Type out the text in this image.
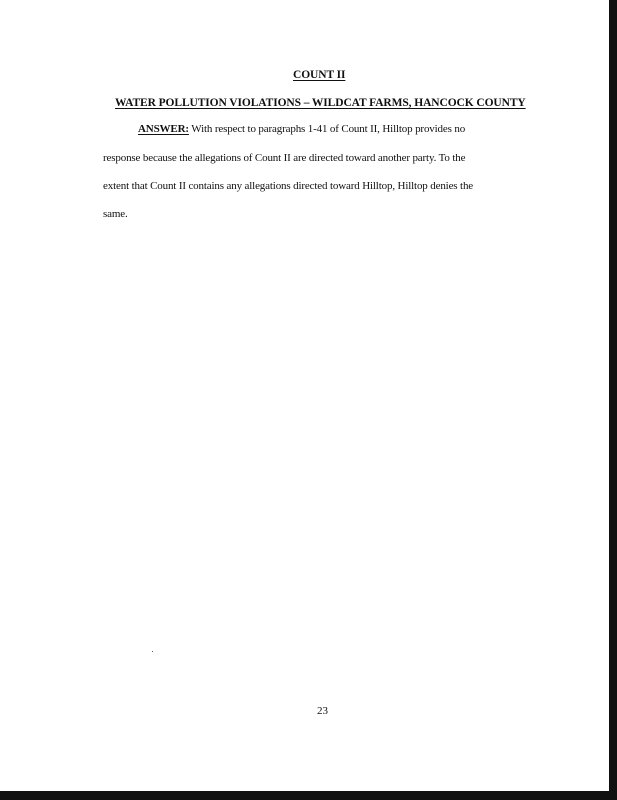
COUNT II
WATER POLLUTION VIOLATIONS – WILDCAT FARMS, HANCOCK COUNTY
ANSWER: With respect to paragraphs 1-41 of Count II, Hilltop provides no
response because the allegations of Count II are directed toward another party. To the
extent that Count II contains any allegations directed toward Hilltop, Hilltop denies the
same.
23
